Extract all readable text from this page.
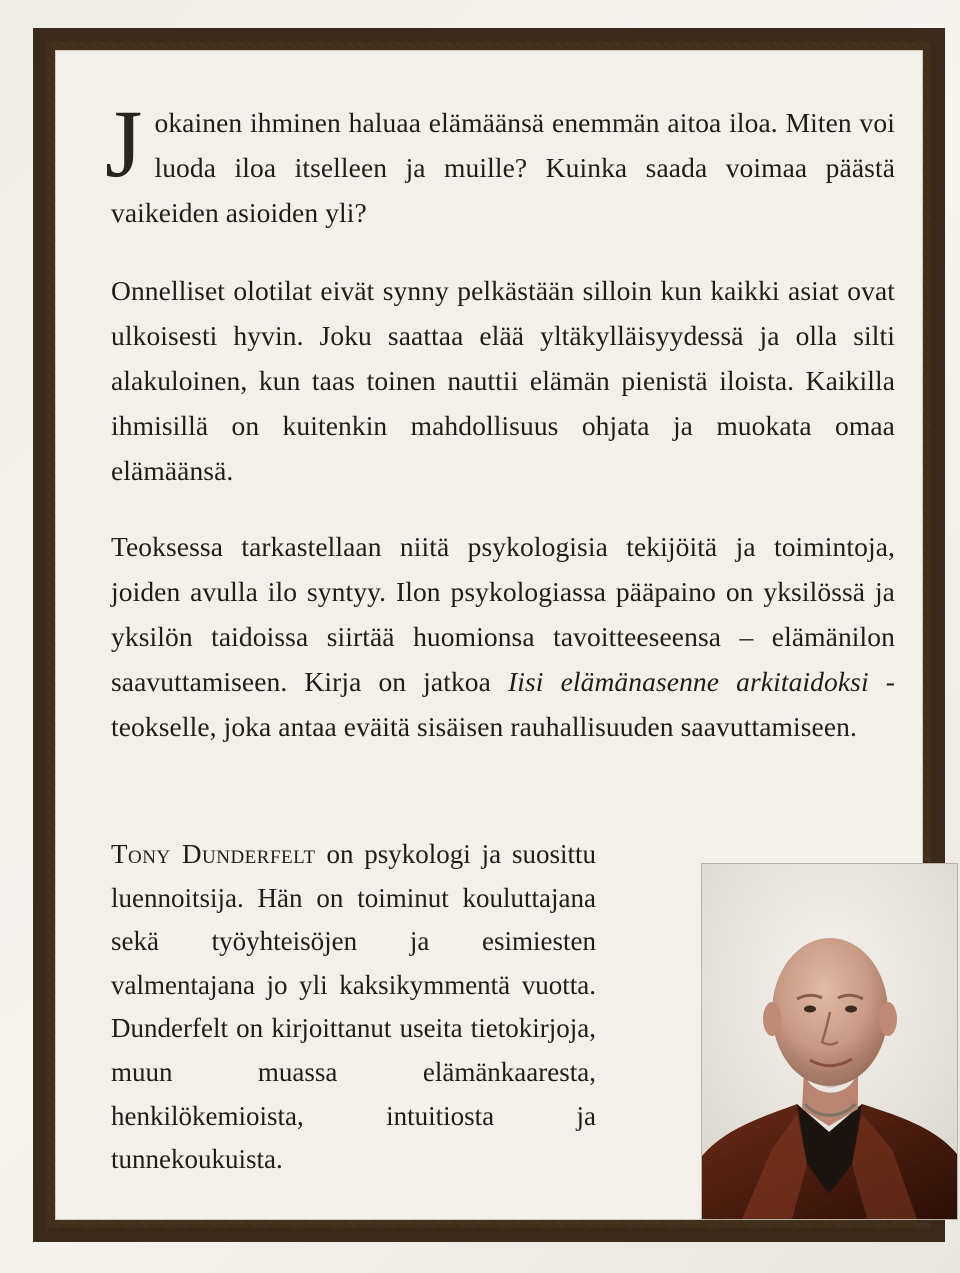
Jokainen ihminen haluaa elämäänsä enemmän aitoa iloa. Miten voi luoda iloa itselleen ja muille? Kuinka saada voimaa päästä vaikeiden asioiden yli?

Onnelliset olotilat eivät synny pelkästään silloin kun kaikki asiat ovat ulkoisesti hyvin. Joku saattaa elää yltäkylläisyydessä ja olla silti alakuloinen, kun taas toinen nauttii elämän pienistä iloista. Kaikilla ihmisillä on kuitenkin mahdollisuus ohjata ja muokata omaa elämäänsä.

Teoksessa tarkastellaan niitä psykologisia tekijöitä ja toimintoja, joiden avulla ilo syntyy. Ilon psykologiassa pääpaino on yksilössä ja yksilön taidoissa siirtää huomionsa tavoitteeseensa – elämänilon saavuttamiseen. Kirja on jatkoa Iisi elämänasenne arkitaidoksi -teokselle, joka antaa eväitä sisäisen rauhallisuuden saavuttamiseen.

Tony Dunderfelt on psykologi ja suosittu luennoitsija. Hän on toiminut kouluttajana sekä työyhteisöjen ja esimiesten valmentajana jo yli kaksikymmentä vuotta. Dunderfelt on kirjoittanut useita tietokirjoja, muun muassa elämänkaaresta, henkilökemioista, intuitiosta ja tunnekoukuista.
